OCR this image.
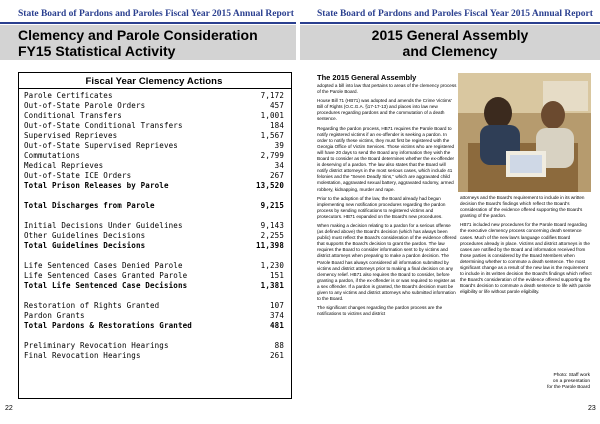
State Board of Pardons and Paroles Fiscal Year 2015 Annual Report
Clemency and Parole Consideration
FY15 Statistical Activity
Fiscal Year Clemency Actions
Parole Certificates	7,172
Out-of-State Parole Orders	457
Conditional Transfers	1,001
Out-of-State Conditional Transfers	184
Supervised Reprieves	1,567
Out-of-State Supervised Reprieves	39
Commutations	2,799
Medical Reprieves	34
Out-of-State ICE Orders	267
Total Prison Releases by Parole	13,520
Total Discharges from Parole	9,215
Initial Decisions Under Guidelines	9,143
Other Guidelines Decisions	2,255
Total Guidelines Decisions	11,398
Life Sentenced Cases Denied Parole	1,230
Life Sentenced Cases Granted Parole	151
Total Life Sentenced Case Decisions	1,381
Restoration of Rights Granted	107
Pardon Grants	374
Total Pardons & Restorations Granted	481
Preliminary Revocation Hearings	88
Final Revocation Hearings	261
22
State Board of Pardons and Paroles Fiscal Year 2015 Annual Report
2015 General Assembly
and Clemency
The 2015 General Assembly

adopted a bill into law that pertains to areas of the clemency process of the Parole Board.

House Bill 71 (HB71) was adopted and amends the Crime Victims' Bill of Rights (O.C.G.A. §17-17-13) and places into law new procedures regarding pardons and the commutation of a death sentence.

Regarding the pardon process, HB71 requires the Parole Board to notify registered victims if an ex-offender is seeking a pardon. In order to notify these victims, they must first be registered with the Georgia Office of Victim Services. Those victims who are registered will have 20 days to send the Board any information they wish the Board to consider as the Board determines whether the ex-offender is deserving of a pardon. The law also states that the Board will notify district attorneys in the most serious cases, which include 41 felonies and the "Seven Deadly Sins," which are aggravated child molestation, aggravated sexual battery, aggravated sodomy, armed robbery, kidnapping, murder and rape.

Prior to the adoption of the law, the Board already had begun implementing new notification procedures regarding the pardon process by sending notifications to registered victims and prosecutors. HB71 expanded on the Board's new procedures.

When making a decision relating to a pardon for a serious offense (as defined above) the Board's decision (which has always been public) must reflect the Board's consideration of the evidence offered that supports the Board's decision to grant the pardon. The law requires the Board to consider information sent to by victims and district attorneys when preparing to make a pardon decision. The Parole Board has always considered all information submitted by victims and district attorneys prior to making a final decision on any clemency relief. HB71 also requires the Board to consider, before granting a pardon, if the ex-offender is or was required to register as a sex offender. If a pardon is granted, the Board's decision must be given to any victims and district attorneys who submitted information to the Board.

The significant changes regarding the pardon process are the notifications to victims and district

attorneys and the Board's requirement to include in its written decision the Board's findings which reflect the Board's consideration of the evidence offered supporting the Board's granting of the pardon.

HB71 included new procedures for the Parole Board regarding the executive clemency process concerning death sentence cases. Much of the new law's language codifies Board procedures already in place. Victims and district attorneys in the cases are notified by the Board and information received from those parties is considered by the Board Members when determining whether to commute a death sentence. The most significant change as a result of the new law is the requirement to include in its written decision the Board's findings which reflect the Board's consideration of the evidence offered supporting the Board's decision to commute a death sentence to life with parole eligibility or life without parole eligibility.

Photo: Staff work
on a presentation
for the Parole Board
23
